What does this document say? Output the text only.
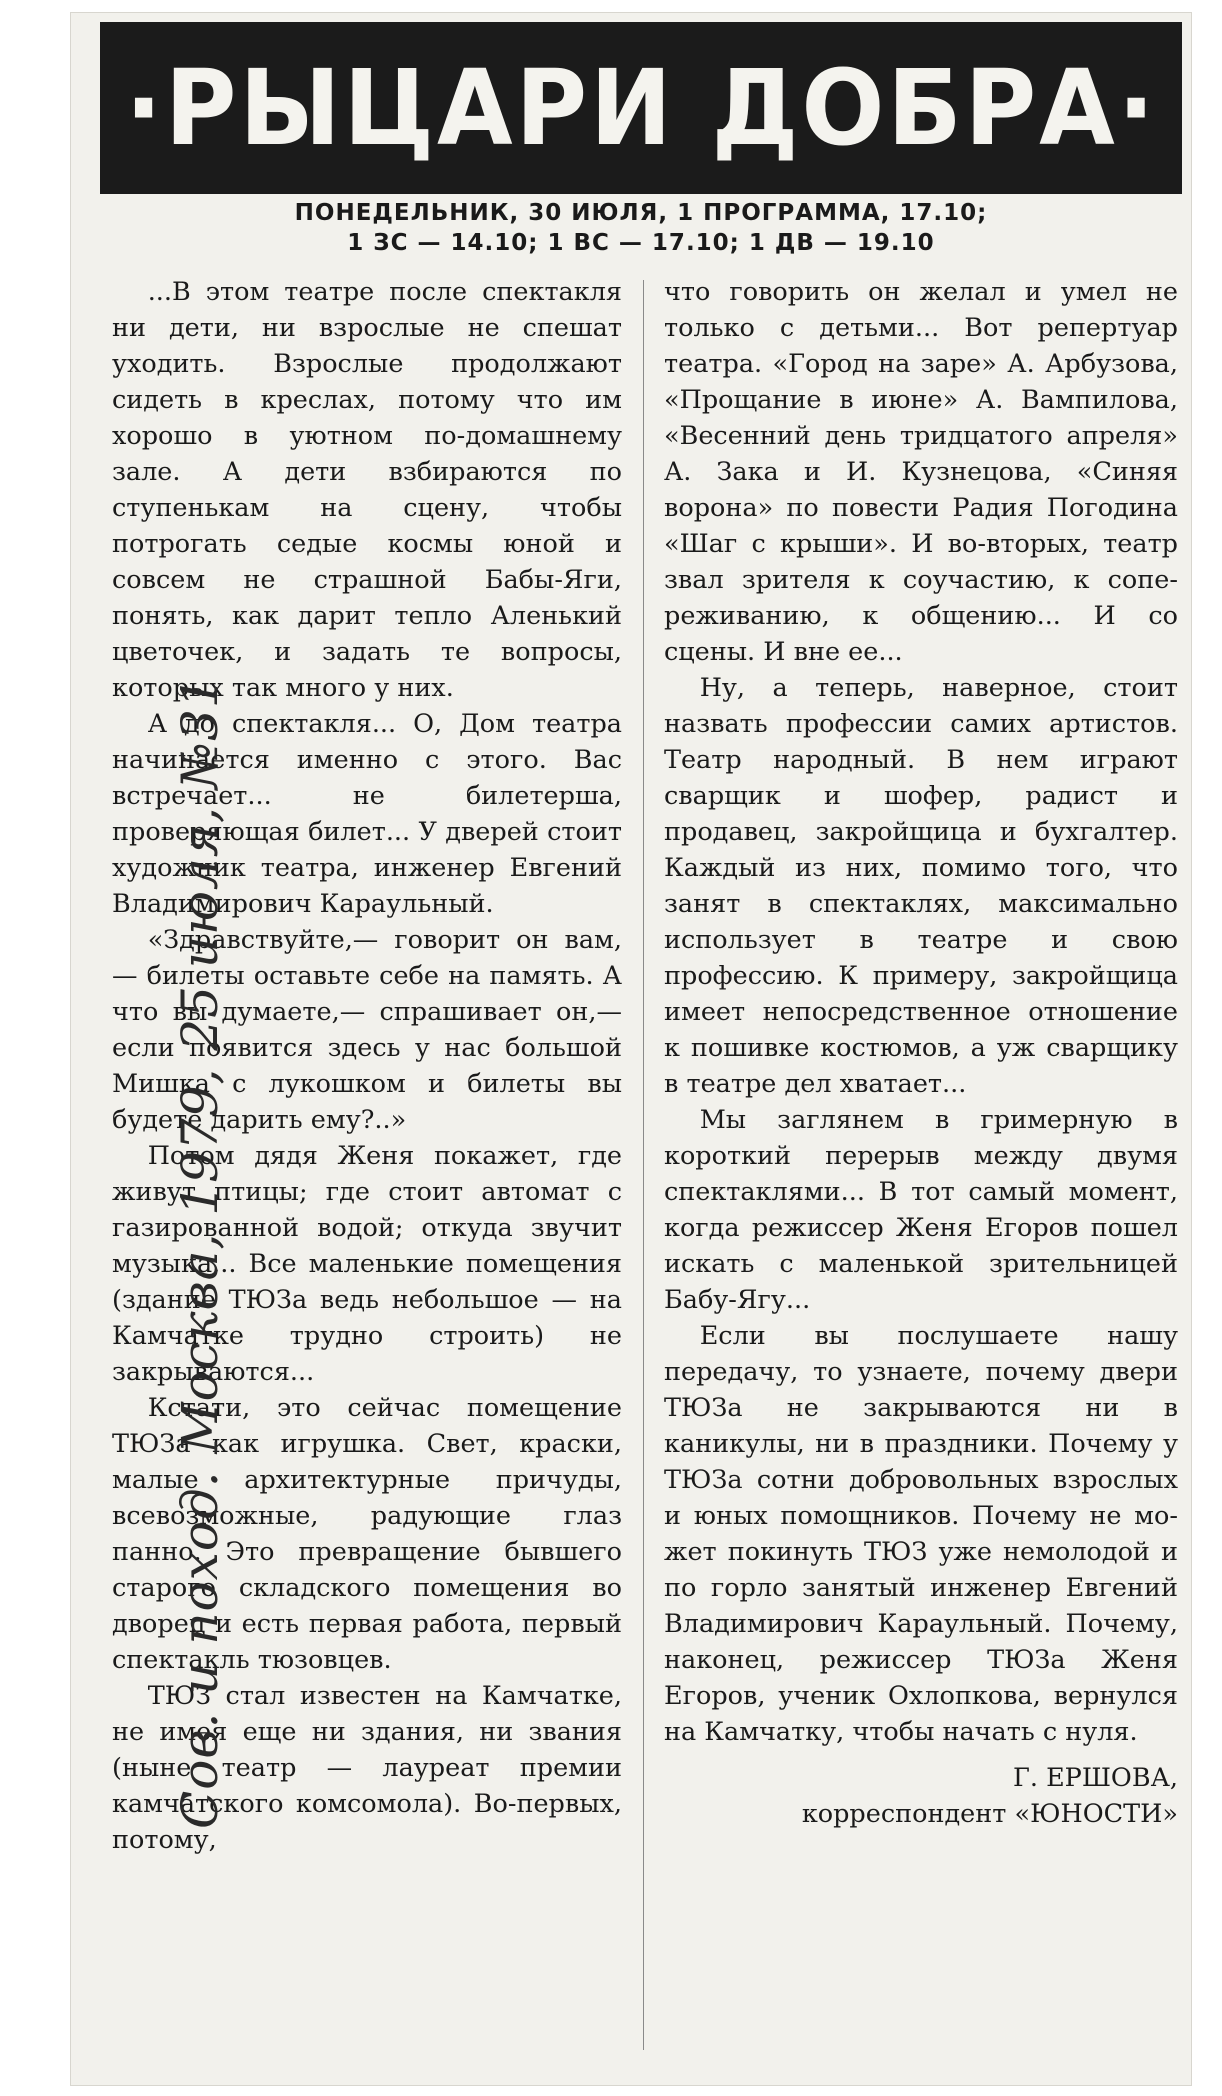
·РЫЦАРИ ДОБРА·
ПОНЕДЕЛЬНИК, 30 ИЮЛЯ, 1 ПРОГРАММА, 17.10;
1 ЗС — 14.10; 1 ВС — 17.10; 1 ДВ — 19.10

...В этом театре после спектакля ни дети, ни взрослые не спешат уходить. Взрослые продолжают сидеть в креслах, потому что им хорошо в уютном по-домашнему зале. А дети взбираются по ступенькам на сцену, чтобы потрогать седые космы юной и совсем не страшной Бабы-Яги, понять, как дарит тепло Аленький цветочек, и задать те вопросы, которых так много у них.

А до спектакля... О, Дом театра начинается именно с этого. Вас встречает... не билетерша, проверяющая билет... У дверей стоит художник театра, инженер Евгений Владимирович Караульный.

«Здравствуйте,— говорит он вам,— билеты оставьте себе на память. А что вы думаете,— спрашивает он,—если появится здесь у нас большой Мишка с лукошком и билеты вы будете дарить ему?..»

Потом дядя Женя покажет, где живут птицы; где стоит автомат с газированной водой; откуда звучит музыка... Все маленькие помещения (здание ТЮЗа ведь небольшое — на Камчатке трудно строить) не закрываются...

Кстати, это сейчас помещение ТЮЗа как игрушка. Свет, краски, малые архитектурные причуды, всевозможные, радующие глаз панно. Это превращение бывшего старого складского помещения во дворец и есть первая работа, первый спектакль тюзовцев.

ТЮЗ стал известен на Камчатке, не имея еще ни здания, ни звания (ныне театр — лауреат премии камчатского комсомола). Во-первых, потому,

что говорить он желал и умел не только с детьми... Вот репертуар театра. «Город на заре» А. Арбузова, «Прощание в июне» А. Вампилова, «Весенний день тридцатого апреля» А. Зака и И. Кузнецова, «Синяя ворона» по повести Радия Погодина «Шаг с крыши». И во-вторых, театр звал зрителя к соучастию, к сопереживанию, к общению... И со сцены. И вне ее...

Ну, а теперь, наверное, стоит назвать профессии самих артистов. Театр народный. В нем играют сварщик и шофер, радист и продавец, закройщица и бухгалтер. Каждый из них, помимо того, что занят в спектаклях, максимально использует в театре и свою профессию. К примеру, закройщица имеет непосредственное отношение к пошивке костюмов, а уж сварщику в театре дел хватает...

Мы заглянем в гримерную в короткий перерыв между двумя спектаклями... В тот самый момент, когда режиссер Женя Егоров пошел искать с маленькой зрительницей Бабу-Ягу...

Если вы послушаете нашу передачу, то узнаете, почему двери ТЮЗа не закрываются ни в каникулы, ни в праздники. Почему у ТЮЗа сотни добровольных взрослых и юных помощников. Почему не может покинуть ТЮЗ уже немолодой и по горло занятый инженер Евгений Владимирович Караульный. Почему, наконец, режиссер ТЮЗа Женя Егоров, ученик Охлопкова, вернулся на Камчатку, чтобы начать с нуля.

Г. ЕРШОВА,
корреспондент «ЮНОСТИ»
Сов. и поход. Москва, 1979, 25 июля, №31
